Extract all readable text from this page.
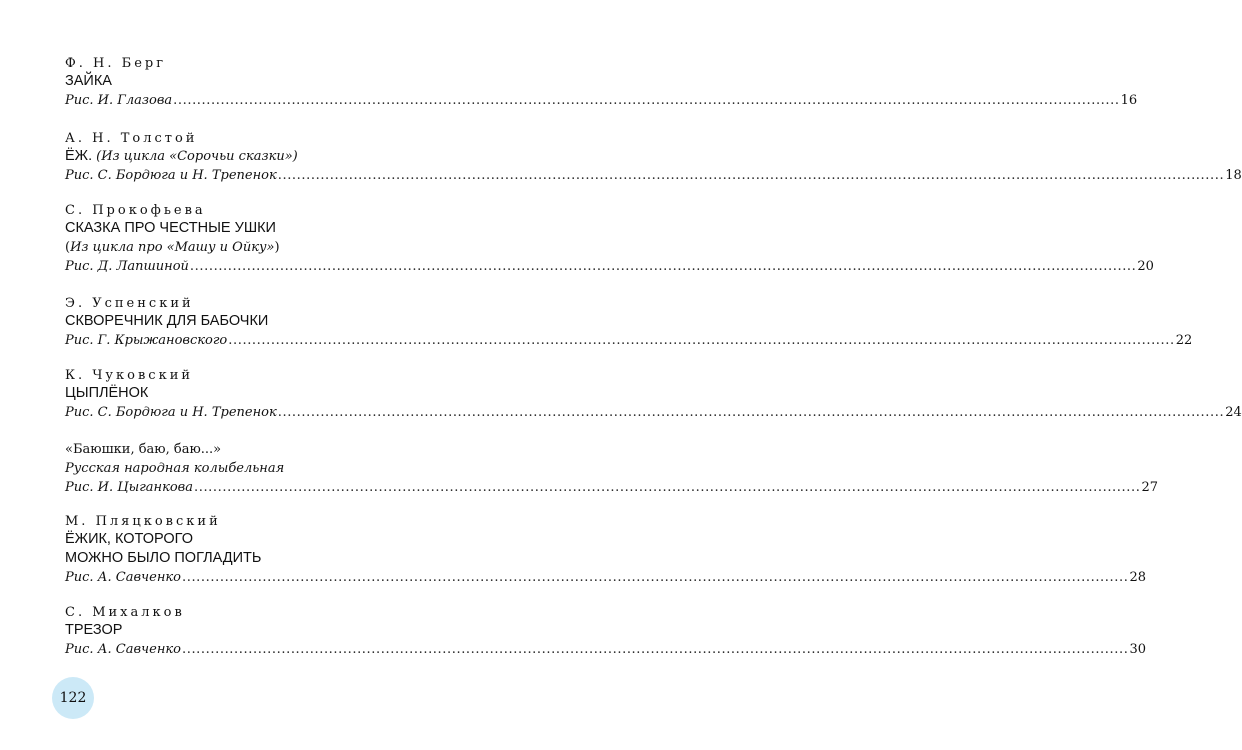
Ф. Н. Берг
ЗАЙКА
Рис. И. Глазова ........................................................................................................................................................................................................ 16
А. Н. Толстой
ЁЖ. (Из цикла «Сорочьи сказки»)
Рис. С. Бордюга и Н. Трепенок ........................................................................................................................................................................................................ 18
С. Прокофьева
СКАЗКА ПРО ЧЕСТНЫЕ УШКИ
(Из цикла про «Машу и Ойку»)
Рис. Д. Лапшиной ........................................................................................................................................................................................................ 20
Э. Успенский
СКВОРЕЧНИК ДЛЯ БАБОЧКИ
Рис. Г. Крыжановского ........................................................................................................................................................................................................ 22
К. Чуковский
ЦЫПЛЁНОК
Рис. С. Бордюга и Н. Трепенок ........................................................................................................................................................................................................ 24
«Баюшки, баю, баю...»
Русская народная колыбельная
Рис. И. Цыганкова ........................................................................................................................................................................................................ 27
М. Пляцковский
ЁЖИК, КОТОРОГО
МОЖНО БЫЛО ПОГЛАДИТЬ
Рис. А. Савченко ........................................................................................................................................................................................................ 28
С. Михалков
ТРЕЗОР
Рис. А. Савченко ........................................................................................................................................................................................................ 30
122
